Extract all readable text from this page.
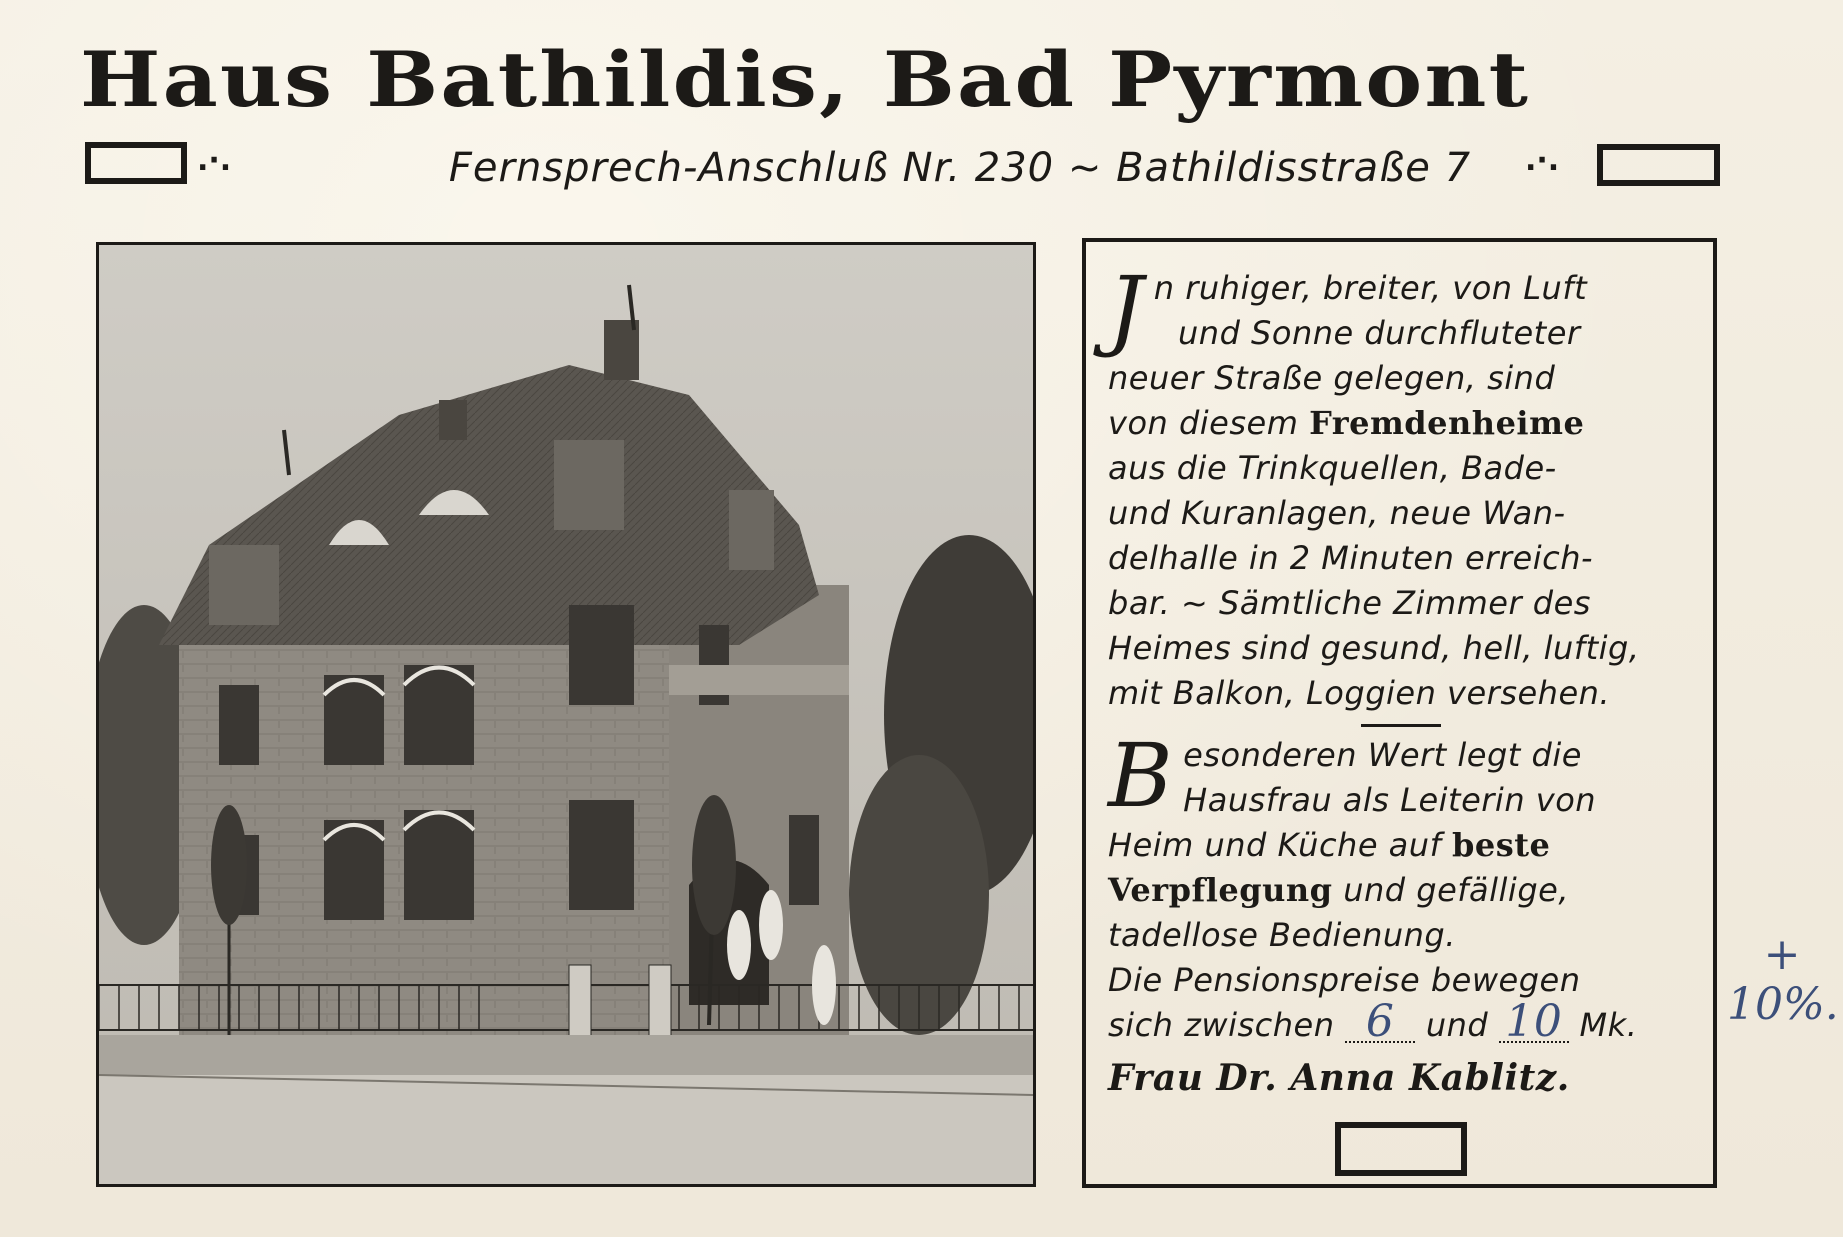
Haus Bathildis, Bad Pyrmont
.·.	Fernsprech-Anschluß Nr. 230 ~ Bathildisstraße 7	.·.
J n ruhiger, breiter, von Luft
und Sonne durchfluteter
neuer Straße gelegen, sind
von diesem Fremdenheime
aus die Trinkquellen, Bade-
und Kuranlagen, neue Wan-
delhalle in 2 Minuten erreich-
bar. ~ Sämtliche Zimmer des
Heimes sind gesund, hell, luftig,
mit Balkon, Loggien versehen.
B esonderen Wert legt die
Hausfrau als Leiterin von
Heim und Küche auf beste
Verpflegung und gefällige,
tadellose Bedienung.
Die Pensionspreise bewegen
sich zwischen 6 und 10 Mk.
Frau Dr. Anna Kablitz.
+
10%.
